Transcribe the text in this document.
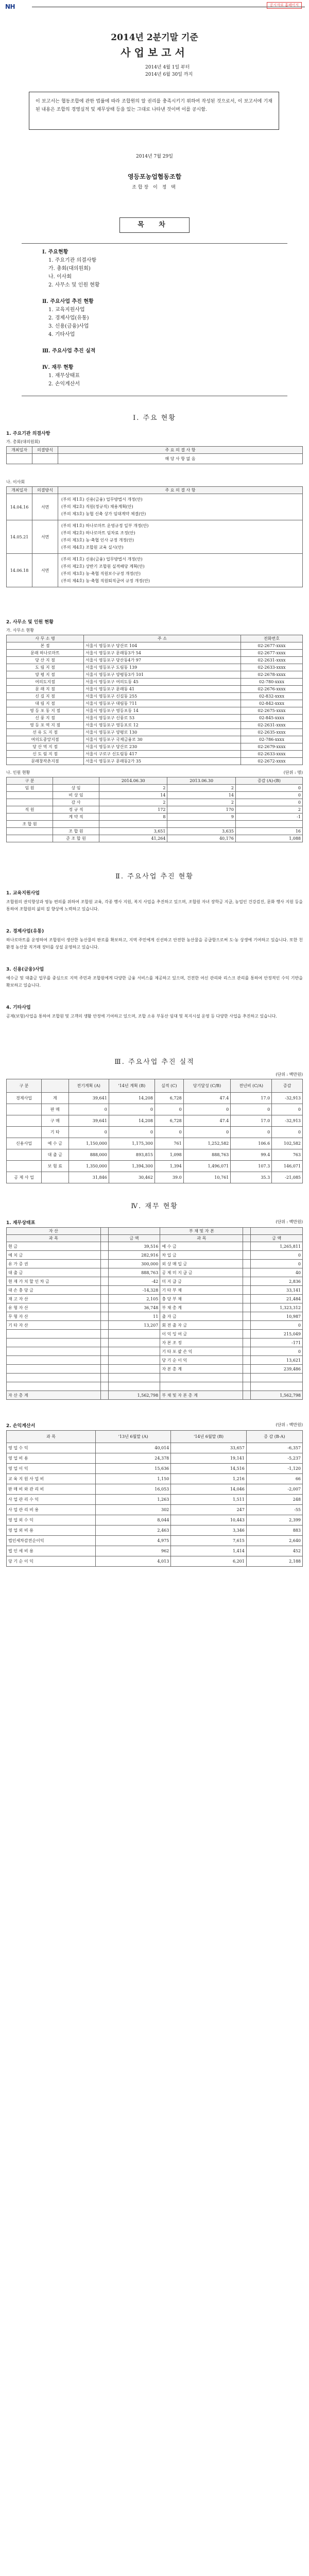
NH	공시자료 홈페이지
2014년 2분기말 기준
사업보고서
2014년 4월 1일 부터
2014년 6월 30일 까지
이 보고서는 협동조합에 관한 법률에 따라 조합원의 알 권리를 충족시키기 위하여 작성된 것으로서, 이 보고서에 기재된 내용은 조합의 경영실적 및 재무상태 등을 있는 그대로 나타낸 것이며 이를 공시함.
2014년 7월 29일
영등포농업협동조합
조합장 이 정 택
목 차
Ⅰ. 주요현황
1. 주요기관 의결사항
가. 총회(대의원회)
나. 이사회
2. 사무소 및 인원 현황

Ⅱ. 주요사업 추진 현황
1. 교육지원사업
2. 경제사업(유통)
3. 신용(금융)사업
4. 기타사업

Ⅲ. 주요사업 추진 실적

Ⅳ. 재무 현황
1. 재무상태표
2. 손익계산서
Ⅰ. 주요 현황
1. 주요기관 의결사항
가. 총회(대의원회)
개최일자	의결방식	주 요 의 결 사 항
		해 당 사 항 없 음
나. 이사회
개최일자	의결방식	주 요 의 결 사 항
14.04.16	서면	(부의 제1호) 신용(금융) 업무방법서 개정(안)
(부의 제2호) 직원(정규직) 채용계획(안)
(부의 제3호) 농협 신축 상가 임대계약 체결(안)

14.05.21	서면	(부의 제1호) 하나로마트 운영규정 일부 개정(안)
(부의 제2호) 하나로마트 임차료 조정(안)
(부의 제3호) 농·축협 인사 규정 개정(안)
(부의 제4호) 조합원 교육 실시(안)

14.06.18	서면	(부의 제1호) 신용(금융) 업무방법서 개정(안)
(부의 제2호) 상반기 조합원 실적배당 계획(안)
(부의 제3호) 농·축협 직원보수규정 개정(안)
(부의 제4호) 농·축협 직원퇴직급여 규정 개정(안)
2. 사무소 및 인원 현황
가. 사무소 현황
사 무 소 명	주 소	전화번호
본 점	서울시 영등포구 당산로 104	02-2677-xxxx
문래 하나로마트	서울시 영등포구 문래동3가 54	02-2677-xxxx
당 산 지 점	서울시 영등포구 당산동4가 97	02-2631-xxxx
도 림 지 점	서울시 영등포구 도림동 139	02-2633-xxxx
양 평 지 점	서울시 영등포구 양평동3가 101	02-2678-xxxx
여의도지점	서울시 영등포구 여의도동 45	02-780-xxxx
문 래 지 점	서울시 영등포구 문래동 41	02-2676-xxxx
신 길 지 점	서울시 영등포구 신길동 255	02-832-xxxx
대 림 지 점	서울시 영등포구 대림동 711	02-842-xxxx
영 등 포 동 지 점	서울시 영등포구 영등포동 14	02-2675-xxxx
신 풍 지 점	서울시 영등포구 신풍로 53	02-845-xxxx
영 등 포 역 지 점	서울시 영등포구 영등포로 12	02-2631-xxxx
선 유 도 지 점	서울시 영등포구 양평로 130	02-2635-xxxx
여의도중앙지점	서울시 영등포구 국제금융로 30	02-786-xxxx
당 산 역 지 점	서울시 영등포구 당산로 230	02-2679-xxxx
신 도 림 지 점	서울시 구로구 신도림동 417	02-2633-xxxx
문래창작촌지점	서울시 영등포구 문래동2가 35	02-2672-xxxx
나. 인원 현황	(단위 : 명)
구 분		2014.06.30	2013.06.30	증감 (A)-(B)
임 원	상 임	2	2	0
	비 상 임	14	14	0
	감 사	2	2	0
직 원	정 규 직	172	170	2
	계 약 직	8	9	-1
조 합 원				
	조 합 원	3,651	3,635	16
	준 조 합 원	41,264	40,176	1,088
Ⅱ. 주요사업 추진 현황
1. 교육지원사업
조합원의 권익향상과 영농 편의를 위하여 조합원 교육, 각종 행사 지원, 복지 사업을 추진하고 있으며, 조합원 자녀 장학금 지급, 농업인 건강검진, 문화 행사 지원 등을 통하여 조합원의 삶의 질 향상에 노력하고 있습니다.
2. 경제사업(유통)
하나로마트를 운영하여 조합원이 생산한 농산물의 판로를 확보하고, 지역 주민에게 신선하고 안전한 농산물을 공급함으로써 도·농 상생에 기여하고 있습니다. 또한 친환경 농산물 직거래 장터를 상설 운영하고 있습니다.
3. 신용(금융)사업
예수금 및 대출금 업무를 중심으로 지역 주민과 조합원에게 다양한 금융 서비스를 제공하고 있으며, 건전한 여신 관리와 리스크 관리를 통하여 안정적인 수익 기반을 확보하고 있습니다.
4. 기타사업
공제(보험)사업을 통하여 조합원 및 고객의 생활 안정에 기여하고 있으며, 조합 소유 부동산 임대 및 복지시설 운영 등 다양한 사업을 추진하고 있습니다.
Ⅲ. 주요사업 추진 실적
(단위 : 백만원)
구 분		전기계획 (A)	'14년 계획 (B)	실적 (C)	당기달성 (C/B)	전년비 (C/A)	증감
경제사업	계	39,641	14,208	6,728	47.4	17.0	-32,913
	판 매	0	0	0	0	0	0
	구 매	39,641	14,208	6,728	47.4	17.0	-32,913
	기 타	0	0	0	0	0	0
신용사업	예 수 금	1,150,000	1,175,300	761	1,252,582	106.6	102,582
	대 출 금	888,000	893,815	1,098	888,763	99.4	763
	보 험 료	1,350,000	1,394,300	1,394	1,496,071	107.3	146,071
공 제 사 업		31,846	30,462	39.0	10,761	35.3	-21,085
Ⅳ. 재무 현황
1. 재무상태표	(단위 : 백만원)
자 산			부 채 및 자 본		
과 목		금 액	과 목		금 액
현 금		39,516	예 수 금		1,265,811
예 치 금		282,916	차 입 금		0
유 가 증 권		300,000	외 상 매 입 금		0
대 출 금		888,763	공 제 미 지 급 금		40
현 재 가 치 할 인 차 금		-42	미 지 급 금		2,836
대 손 충 당 금		-14,328	기 타 부 채		33,141
재 고 자 산		2,105	충 당 부 채		21,484
유 형 자 산		36,748	부 채 총 계		1,323,312
무 형 자 산		11	출 자 금		10,987
기 타 자 산		13,207	회 전 출 자 금		0
			이 익 잉 여 금		215,049
			자 본 조 정		-171
			기 타 포 괄 손 익		0
			당 기 순 이 익		13,621
			자 본 총 계		239,486

자 산 총 계		1,562,798	부 채 및 자 본 총 계		1,562,798
2. 손익계산서	(단위 : 백만원)
과 목	'13년 6월말 (A)	'14년 6월말 (B)	증 감 (B-A)
영 업 수 익	40,014	33,657	-6,357
영 업 비 용	24,378	19,141	-5,237
영 업 이 익	15,636	14,516	-1,120
교 육 지 원 사 업 비	1,150	1,216	66
판 매 비 와 관 리 비	16,053	14,046	-2,007
사 업 관 리 수 익	1,263	1,511	248
사 업 관 리 비 용	302	247	-55
영 업 외 수 익	8,044	10,443	2,399
영 업 외 비 용	2,463	3,346	883
법인세차감전순이익	4,975	7,615	2,640
법 인 세 비 용	962	1,414	452
당 기 순 이 익	4,013	6,201	2,188
